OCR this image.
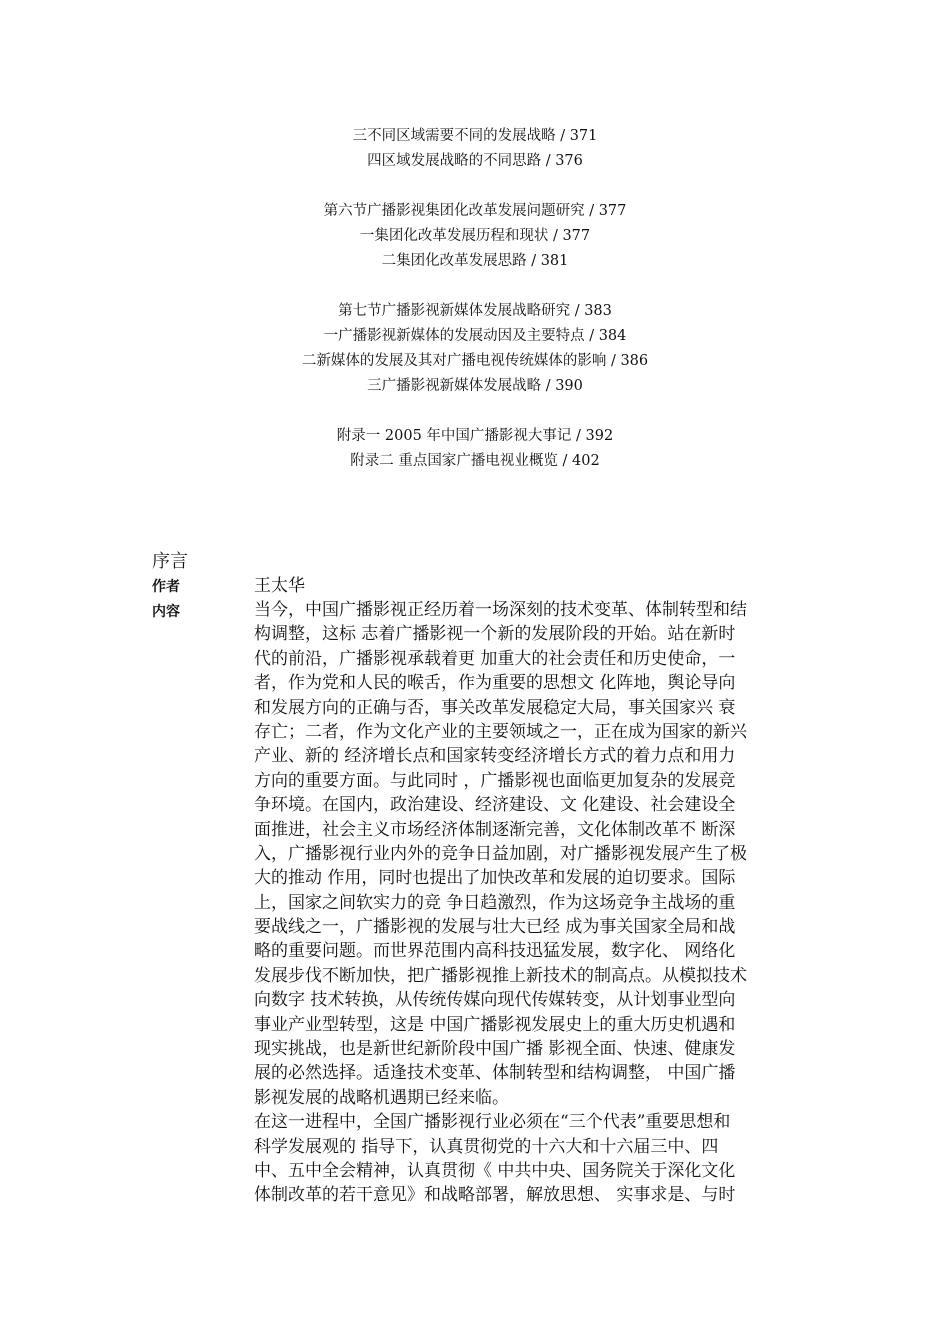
三不同区域需要不同的发展战略 / 371
四区域发展战略的不同思路 / 376
第六节广播影视集团化改革发展问题研究 / 377
一集团化改革发展历程和现状 / 377
二集团化改革发展思路 / 381
第七节广播影视新媒体发展战略研究 / 383
一广播影视新媒体的发展动因及主要特点 / 384
二新媒体的发展及其对广播电视传统媒体的影响 / 386
三广播影视新媒体发展战略 / 390
附录一 2005 年中国广播影视大事记 / 392
附录二 重点国家广播电视业概览 / 402
序言
作者	王太华
内容	当今，中国广播影视正经历着一场深刻的技术变革、体制转型和结
构调整，这标 志着广播影视一个新的发展阶段的开始。站在新时
代的前沿，广播影视承载着更 加重大的社会责任和历史使命，一
者，作为党和人民的喉舌，作为重要的思想文 化阵地，舆论导向
和发展方向的正确与否，事关改革发展稳定大局，事关国家兴 衰
存亡；二者，作为文化产业的主要领域之一，正在成为国家的新兴
产业、新的 经济增长点和国家转变经济增长方式的着力点和用力
方向的重要方面。与此同时 ，广播影视也面临更加复杂的发展竞
争环境。在国内，政治建设、经济建设、文 化建设、社会建设全
面推进，社会主义市场经济体制逐渐完善，文化体制改革不 断深
入，广播影视行业内外的竞争日益加剧，对广播影视发展产生了极
大的推动 作用，同时也提出了加快改革和发展的迫切要求。国际
上，国家之间软实力的竞 争日趋激烈，作为这场竞争主战场的重
要战线之一，广播影视的发展与壮大已经 成为事关国家全局和战
略的重要问题。而世界范围内高科技迅猛发展，数字化、 网络化
发展步伐不断加快，把广播影视推上新技术的制高点。从模拟技术
向数字 技术转换，从传统传媒向现代传媒转变，从计划事业型向
事业产业型转型，这是 中国广播影视发展史上的重大历史机遇和
现实挑战，也是新世纪新阶段中国广播 影视全面、快速、健康发
展的必然选择。适逢技术变革、体制转型和结构调整， 中国广播
影视发展的战略机遇期已经来临。
在这一进程中，全国广播影视行业必须在“三个代表”重要思想和
科学发展观的 指导下，认真贯彻党的十六大和十六届三中、四
中、五中全会精神，认真贯彻《 中共中央、国务院关于深化文化
体制改革的若干意见》和战略部署，解放思想、 实事求是、与时
